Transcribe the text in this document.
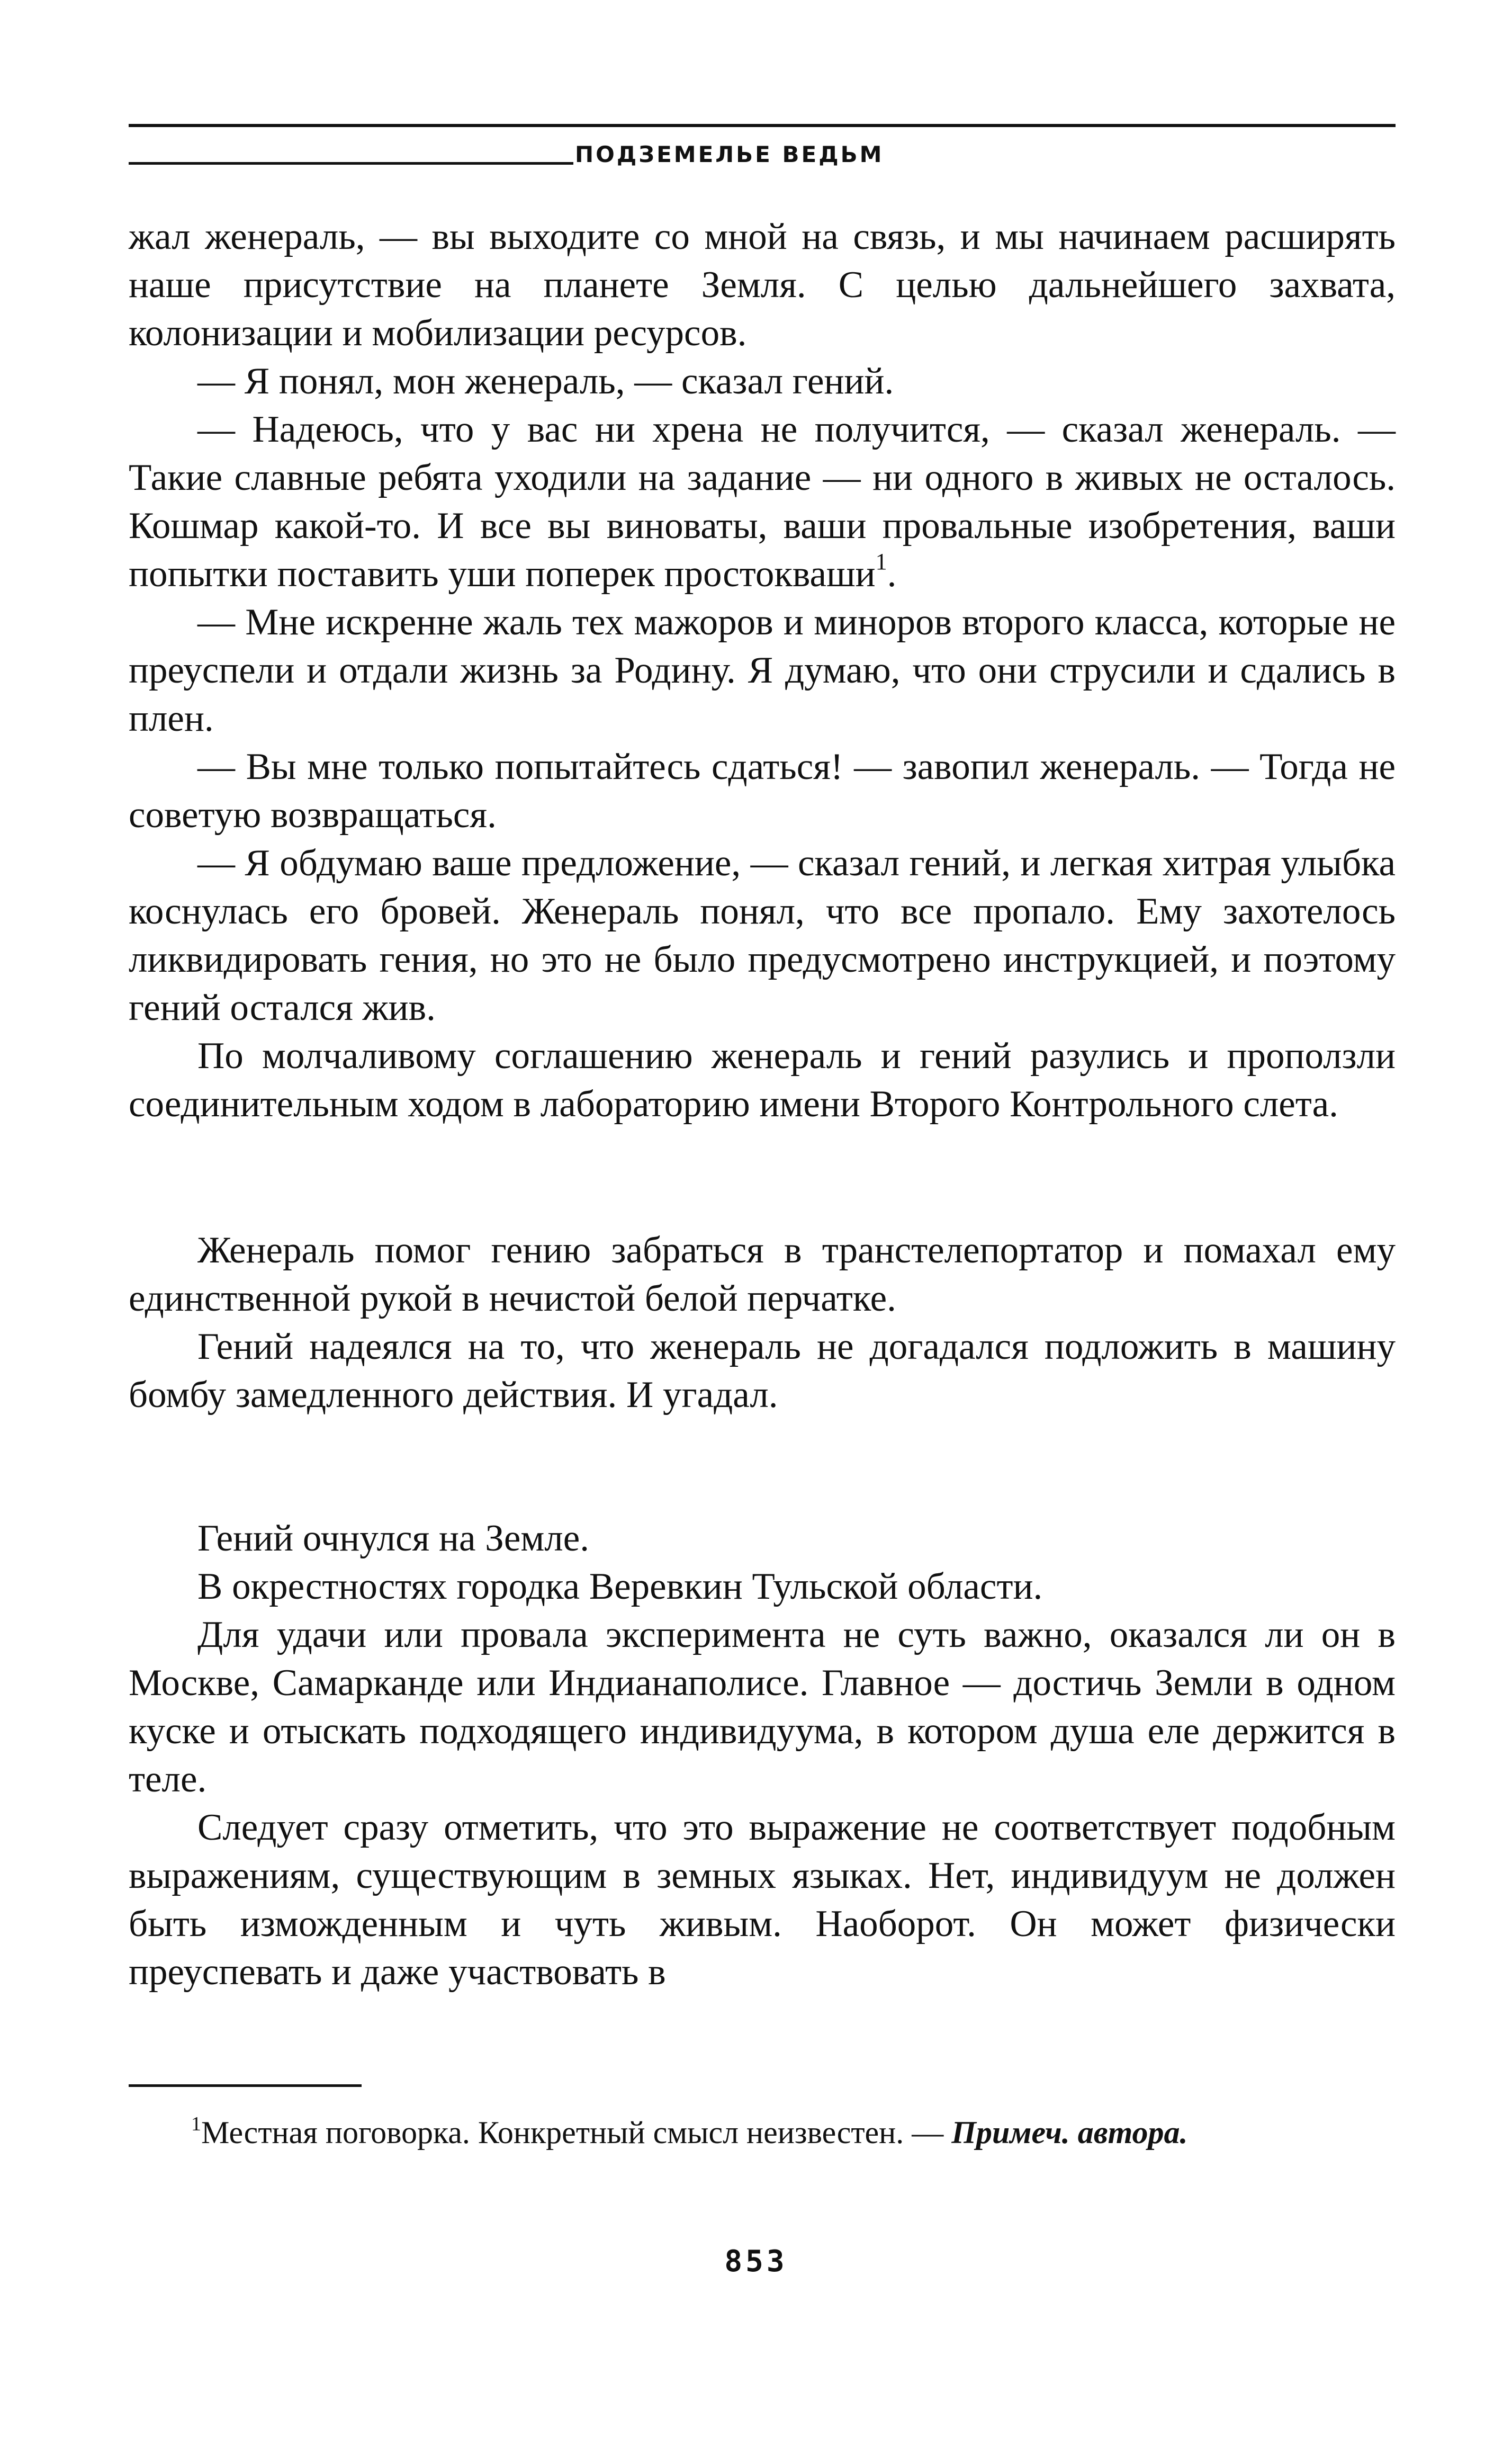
ПОДЗЕМЕЛЬЕ ВЕДЬМ

жал женераль, — вы выходите со мной на связь, и мы начинаем расширять наше присутствие на планете Земля. С целью дальнейшего захвата, колонизации и мобилизации ресурсов.

— Я понял, мон женераль, — сказал гений.

— Надеюсь, что у вас ни хрена не получится, — сказал женераль. — Такие славные ребята уходили на задание — ни одного в живых не осталось. Кошмар какой-то. И все вы виноваты, ваши провальные изобретения, ваши попытки поставить уши поперек простокваши$^1$.

— Мне искренне жаль тех мажоров и миноров второго класса, которые не преуспели и отдали жизнь за Родину. Я думаю, что они струсили и сдались в плен.

— Вы мне только попытайтесь сдаться! — завопил женераль. — Тогда не советую возвращаться.

— Я обдумаю ваше предложение, — сказал гений, и легкая хитрая улыбка коснулась его бровей. Женераль понял, что все пропало. Ему захотелось ликвидировать гения, но это не было предусмотрено инструкцией, и поэтому гений остался жив.

По молчаливому соглашению женераль и гений разулись и проползли соединительным ходом в лабораторию имени Второго Контрольного слета.

Женераль помог гению забраться в транстелепортатор и помахал ему единственной рукой в нечистой белой перчатке.

Гений надеялся на то, что женераль не догадался подложить в машину бомбу замедленного действия. И угадал.

Гений очнулся на Земле.

В окрестностях городка Веревкин Тульской области.

Для удачи или провала эксперимента не суть важно, оказался ли он в Москве, Самарканде или Индианаполисе. Главное — достичь Земли в одном куске и отыскать подходящего индивидуума, в котором душа еле держится в теле.

Следует сразу отметить, что это выражение не соответствует подобным выражениям, существующим в земных языках. Нет, индивидуум не должен быть изможденным и чуть живым. Наоборот. Он может физически преуспевать и даже участвовать в

$^1$Местная поговорка. Конкретный смысл неизвестен. — Примеч. автора.
853
